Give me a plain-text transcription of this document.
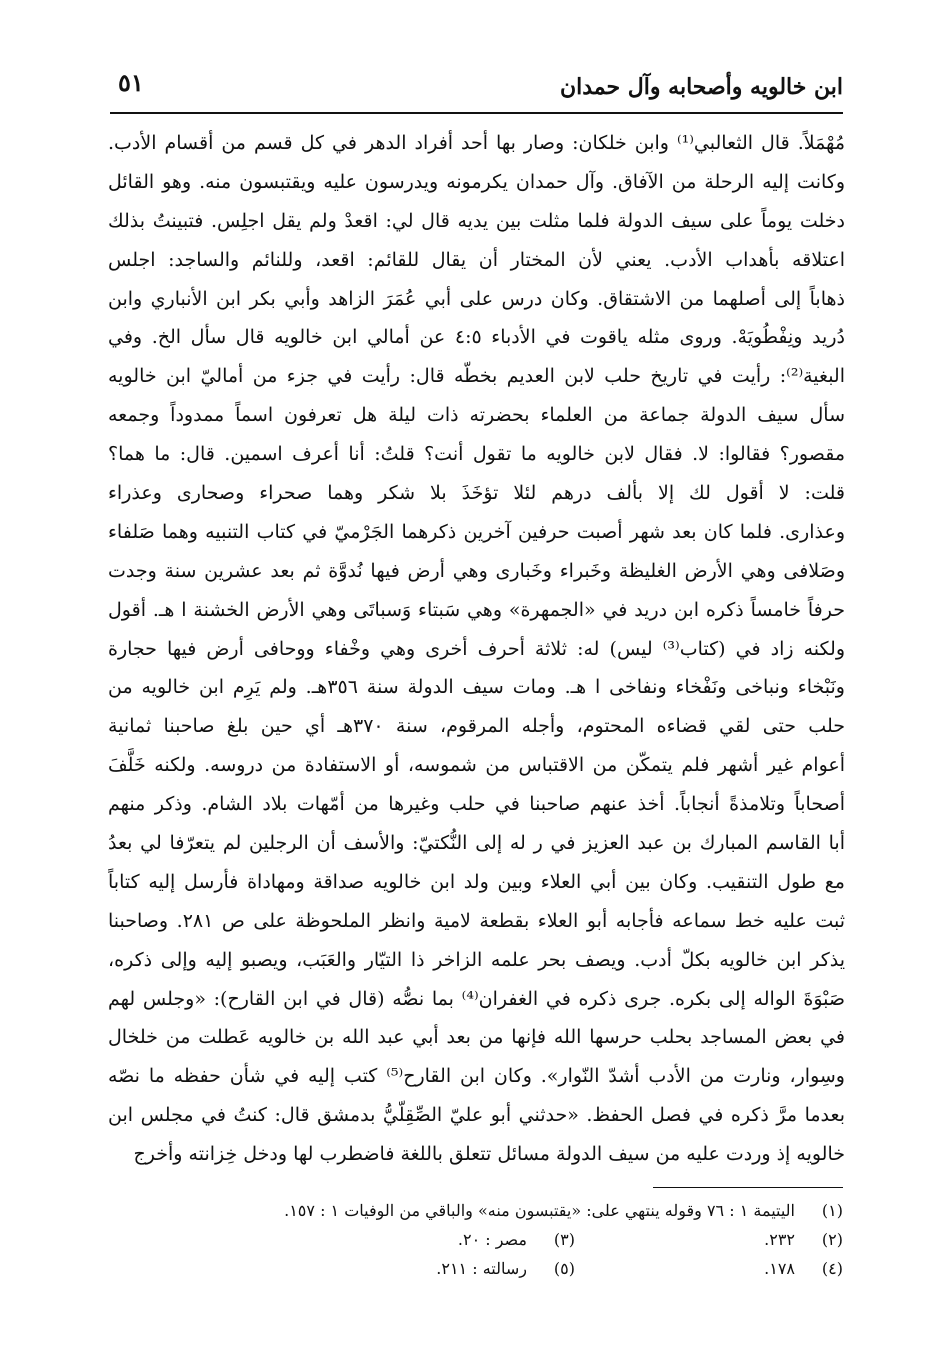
ابن خالويه وأصحابه وآل حمدان
٥١
مُهْمَلاً. قال الثعالبي⁽¹⁾ وابن خلكان: وصار بها أحد أفراد الدهر في كل قسم من أقسام الأدب.
وكانت إليه الرحلة من الآفاق. وآل حمدان يكرمونه ويدرسون عليه ويقتبسون منه. وهو القائل
دخلت يوماً على سيف الدولة فلما مثلت بين يديه قال لي: اقعدْ ولم يقل اجلِس. فتبينتُ بذلك
اعتلاقه بأهداب الأدب. يعني لأن المختار أن يقال للقائم: اقعد، وللنائم والساجد: اجلس
ذهاباً إلى أصلهما من الاشتقاق. وكان درس على أبي عُمَرَ الزاهد وأبي بكر ابن الأنباري وابن
دُريد ونِفْطُويَهْ. وروى مثله ياقوت في الأدباء ٤:٥ عن أمالي ابن خالويه قال سأل الخ. وفي
البغية⁽²⁾: رأيت في تاريخ حلب لابن العديم بخطّه قال: رأيت في جزء من أماليّ ابن خالويه
سأل سيف الدولة جماعة من العلماء بحضرته ذات ليلة هل تعرفون اسماً ممدوداً وجمعه
مقصور؟ فقالوا: لا. فقال لابن خالويه ما تقول أنت؟ قلتُ: أنا أعرف اسمين. قال: ما هما؟
قلت: لا أقول لك إلا بألف درهم لئلا تؤخَذَ بلا شكر وهما صحراء وصحارى وعذراء
وعذارى. فلما كان بعد شهر أصبت حرفين آخرين ذكرهما الجَرْميّ في كتاب التنبيه وهما صَلفاء
وصَلافى وهي الأرض الغليظة وخَبراء وخَبارى وهي أرض فيها نُدوَّة ثم بعد عشرين سنة وجدت
حرفاً خامساً ذكره ابن دريد في «الجمهرة» وهي سَبتاء وَسباتَى وهي الأرض الخشنة ا هـ. أقول
ولكنه زاد في (كتاب⁽³⁾ ليس) له: ثلاثة أحرف أخرى وهي وخْفاء ووحافى أرض فيها حجارة
ونَبْخاء ونباخى ونَفْخاء ونفاخى ا هـ. ومات سيف الدولة سنة ٣٥٦هـ. ولم يَرِم ابن خالويه من
حلب حتى لقي قضاءه المحتوم، وأجله المرقوم، سنة ٣٧٠هـ أي حين بلغ صاحبنا ثمانية
أعوام غير أشهر فلم يتمكّن من الاقتباس من شموسه، أو الاستفادة من دروسه. ولكنه خَلَّفَ
أصحاباً وتلامذةً أنجاباً. أخذ عنهم صاحبنا في حلب وغيرها من أمّهات بلاد الشام. وذكر منهم
أبا القاسم المبارك بن عبد العزيز في ر له إلى النُّكتيّ: والأسف أن الرجلين لم يتعرّفا لي بعدُ
مع طول التنقيب. وكان بين أبي العلاء وبين ولد ابن خالويه صداقة ومهاداة فأرسل إليه كتاباً
ثبت عليه خط سماعه فأجابه أبو العلاء بقطعة لامية وانظر الملحوظة على ص ٢٨١. وصاحبنا
يذكر ابن خالويه بكلّ أدب. ويصف بحر علمه الزاخر ذا التيّار والعَبَب، ويصبو إليه وإلى ذكره،
صَبْوَةَ الواله إلى بكره. جرى ذكره في الغفران⁽⁴⁾ بما نصُّه (قال في ابن القارح): «وجلس لهم
في بعض المساجد بحلب حرسها الله فإنها من بعد أبي عبد الله بن خالويه عَطلت من خلخال
وسِوار، ونارت من الأدب أشدّ النّوار». وكان ابن القارح⁽⁵⁾ كتب إليه في شأن حفظه ما نصّه
بعدما مرَّ ذكره في فصل الحفظ. «حدثني أبو عليّ الصِّقِلّيُّ بدمشق قال: كنتُ في مجلس ابن
خالويه إذ وردت عليه من سيف الدولة مسائل تتعلق باللغة فاضطرب لها ودخل خِزانته وأخرج
(١)
اليتيمة ١ : ٧٦ وقوله ينتهي على: «يقتبسون منه» والباقي من الوفيات ١ : ١٥٧.
(٢)
٢٣٢.
(٣)
مصر : ٢٠.
(٤)
١٧٨.
(٥)
رسالته : ٢١١.
